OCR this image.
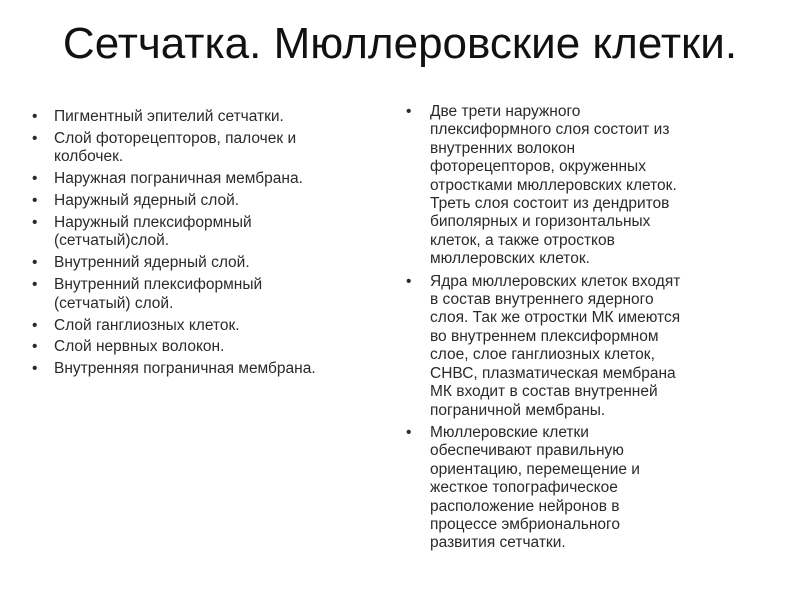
Сетчатка. Мюллеровские клетки.
• Пигментный эпителий сетчатки.
• Слой фоторецепторов, палочек и
колбочек.
• Наружная пограничная мембрана.
• Наружный ядерный слой.
• Наружный плексиформный
(сетчатый)слой.
• Внутренний ядерный слой.
• Внутренний плексиформный
(сетчатый) слой.
• Слой ганглиозных клеток.
• Слой нервных волокон.
• Внутренняя пограничная мембрана.
• Две трети наружного
плексиформного слоя состоит из
внутренних волокон
фоторецепторов, окруженных
отростками мюллеровских клеток.
Треть слоя состоит из дендритов
биполярных и горизонтальных
клеток, а также отростков
мюллеровских клеток.
• Ядра мюллеровских клеток входят
в состав внутреннего ядерного
слоя. Так же отростки МК имеются
во внутреннем плексиформном
слое, слое ганглиозных клеток,
СНВС, плазматическая мембрана
МК входит в состав внутренней
пограничной мембраны.
• Мюллеровские клетки
обеспечивают правильную
ориентацию, перемещение и
жесткое топографическое
расположение нейронов в
процессе эмбрионального
развития сетчатки.
